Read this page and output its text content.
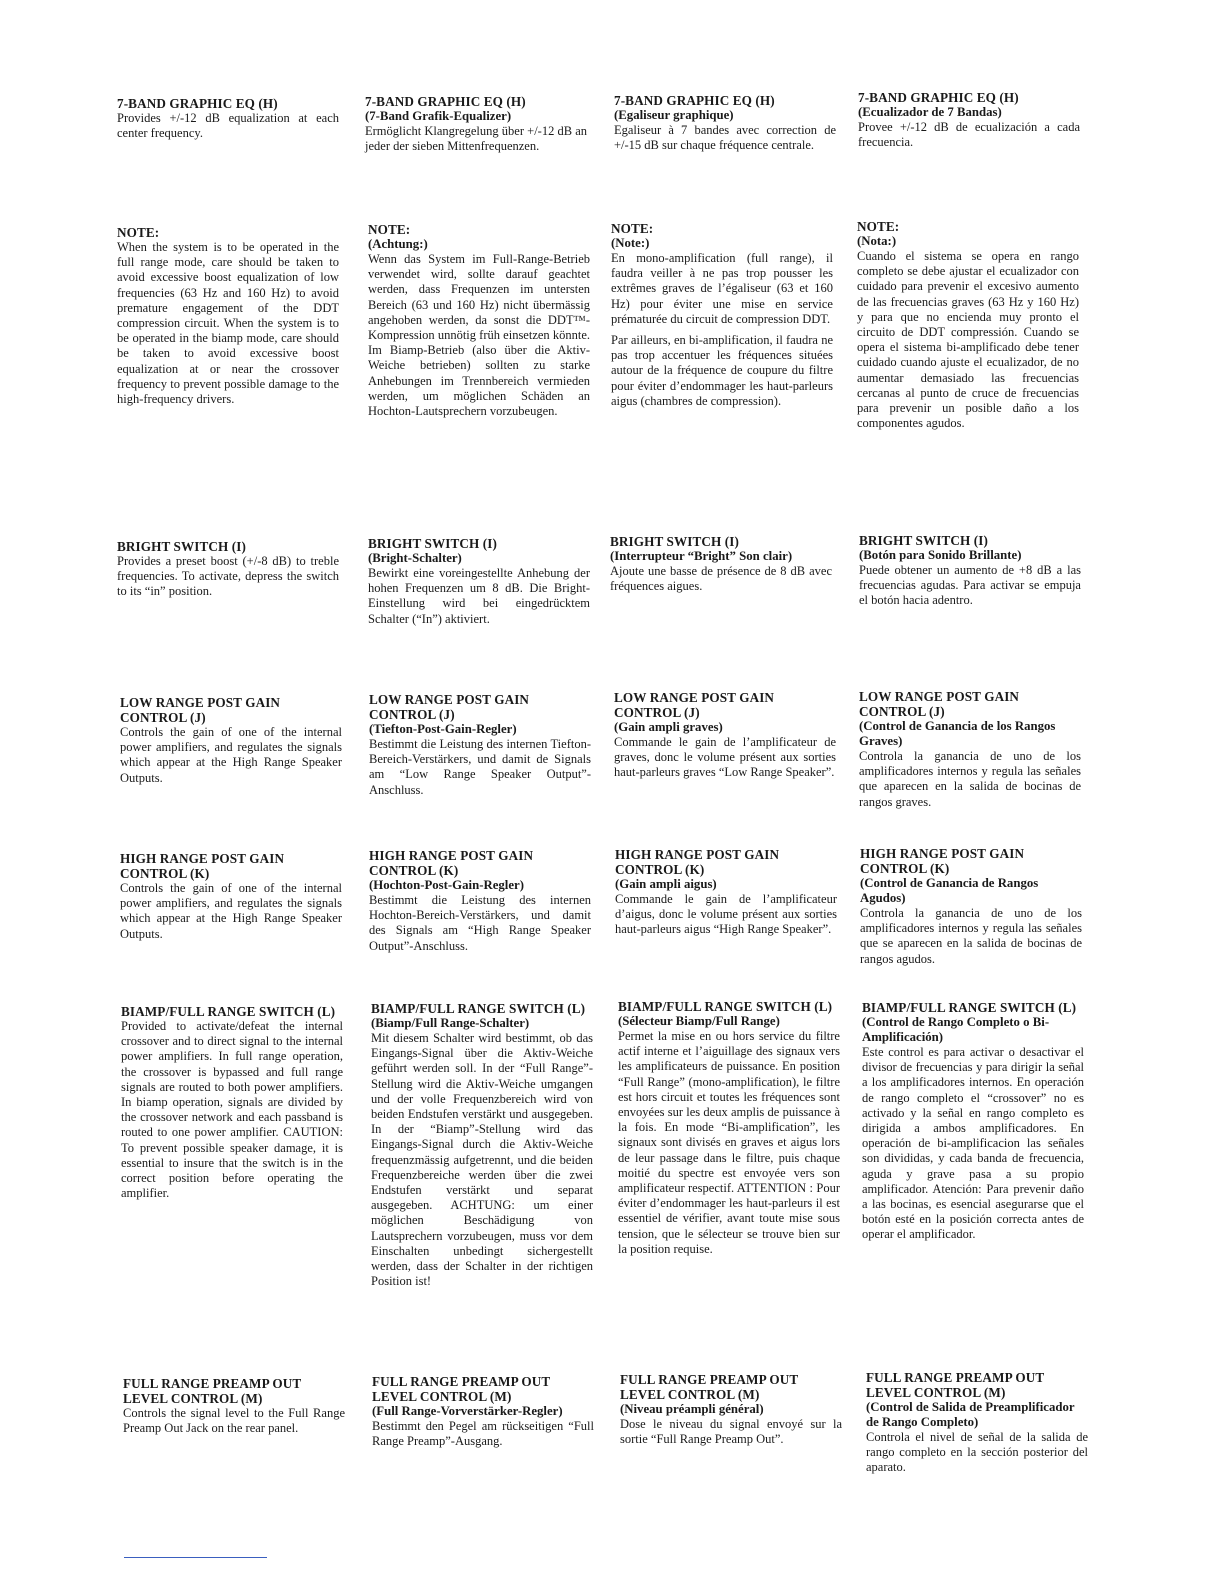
7-BAND GRAPHIC EQ (H)

Provides +/-12 dB equalization at each center frequency.

NOTE:

When the system is to be operated in the full range mode, care should be taken to avoid excessive boost equalization of low frequencies (63 Hz and 160 Hz) to avoid premature engagement of the DDT compression circuit. When the system is to be operated in the biamp mode, care should be taken to avoid excessive boost equalization at or near the crossover frequency to prevent possible damage to the high-frequency drivers.

BRIGHT SWITCH (I)

Provides a preset boost (+/-8 dB) to treble frequencies. To activate, depress the switch to its “in” position.

LOW RANGE POST GAIN CONTROL (J)

Controls the gain of one of the internal power amplifiers, and regulates the signals which appear at the High Range Speaker Outputs.

HIGH RANGE POST GAIN CONTROL (K)

Controls the gain of one of the internal power amplifiers, and regulates the signals which appear at the High Range Speaker Outputs.

BIAMP/FULL RANGE SWITCH (L)

Provided to activate/defeat the internal crossover and to direct signal to the internal power amplifiers. In full range operation, the crossover is bypassed and full range signals are routed to both power amplifiers. In biamp operation, signals are divided by the crossover network and each passband is routed to one power amplifier. CAUTION: To prevent possible speaker damage, it is essential to insure that the switch is in the correct position before operating the amplifier.

FULL RANGE PREAMP OUT LEVEL CONTROL (M)

Controls the signal level to the Full Range Preamp Out Jack on the rear panel.

7-BAND GRAPHIC EQ (H)

(7-Band Grafik-Equalizer)

Ermöglicht Klangregelung über +/-12 dB an jeder der sieben Mittenfrequenzen.

NOTE:

(Achtung:)

Wenn das System im Full-Range-Betrieb verwendet wird, sollte darauf geachtet werden, dass Frequenzen im untersten Bereich (63 und 160 Hz) nicht übermässig angehoben werden, da sonst die DDT™-Kompression unnötig früh einsetzen könnte. Im Biamp-Betrieb (also über die Aktiv-Weiche betrieben) sollten zu starke Anhebungen im Trennbereich vermieden werden, um möglichen Schäden an Hochton-Lautsprechern vorzubeugen.

BRIGHT SWITCH (I)

(Bright-Schalter)

Bewirkt eine voreingestellte Anhebung der hohen Frequenzen um 8 dB. Die Bright-Einstellung wird bei eingedrücktem Schalter (“In”) aktiviert.

LOW RANGE POST GAIN CONTROL (J)

(Tiefton-Post-Gain-Regler)

Bestimmt die Leistung des internen Tiefton-Bereich-Verstärkers, und damit de Signals am “Low Range Speaker Output”-Anschluss.

HIGH RANGE POST GAIN CONTROL (K)

(Hochton-Post-Gain-Regler)

Bestimmt die Leistung des internen Hochton-Bereich-Verstärkers, und damit des Signals am “High Range Speaker Output”-Anschluss.

BIAMP/FULL RANGE SWITCH (L)

(Biamp/Full Range-Schalter)

Mit diesem Schalter wird bestimmt, ob das Eingangs-Signal über die Aktiv-Weiche geführt werden soll. In der “Full Range”-Stellung wird die Aktiv-Weiche umgangen und der volle Frequenzbereich wird von beiden Endstufen verstärkt und ausgegeben. In der “Biamp”-Stellung wird das Eingangs-Signal durch die Aktiv-Weiche frequenzmässig aufgetrennt, und die beiden Frequenzbereiche werden über die zwei Endstufen verstärkt und separat ausgegeben. ACHTUNG: um einer möglichen Beschädigung von Lautsprechern vorzubeugen, muss vor dem Einschalten unbedingt sichergestellt werden, dass der Schalter in der richtigen Position ist!

FULL RANGE PREAMP OUT LEVEL CONTROL (M)

(Full Range-Vorverstärker-Regler)

Bestimmt den Pegel am rückseitigen “Full Range Preamp”-Ausgang.

7-BAND GRAPHIC EQ (H)

(Egaliseur graphique)

Egaliseur à 7 bandes avec correction de +/-15 dB sur chaque fréquence centrale.

NOTE:

(Note:)

En mono-amplification (full range), il faudra veiller à ne pas trop pousser les extrêmes graves de l’égaliseur (63 et 160 Hz) pour éviter une mise en service prématurée du circuit de compression DDT.

Par ailleurs, en bi-amplification, il faudra ne pas trop accentuer les fréquences situées autour de la fréquence de coupure du filtre pour éviter d’endommager les haut-parleurs aigus (chambres de compression).

BRIGHT SWITCH (I)

(Interrupteur “Bright” Son clair)

Ajoute une basse de présence de 8 dB avec fréquences aigues.

LOW RANGE POST GAIN CONTROL (J)

(Gain ampli graves)

Commande le gain de l’amplificateur de graves, donc le volume présent aux sorties haut-parleurs graves “Low Range Speaker”.

HIGH RANGE POST GAIN CONTROL (K)

(Gain ampli aigus)

Commande le gain de l’amplificateur d’aigus, donc le volume présent aux sorties haut-parleurs aigus “High Range Speaker”.

BIAMP/FULL RANGE SWITCH (L)

(Sélecteur Biamp/Full Range)

Permet la mise en ou hors service du filtre actif interne et l’aiguillage des signaux vers les amplificateurs de puissance. En position “Full Range” (mono-amplification), le filtre est hors circuit et toutes les fréquences sont envoyées sur les deux amplis de puissance à la fois. En mode “Bi-amplification”, les signaux sont divisés en graves et aigus lors de leur passage dans le filtre, puis chaque moitié du spectre est envoyée vers son amplificateur respectif. ATTENTION : Pour éviter d’endommager les haut-parleurs il est essentiel de vérifier, avant toute mise sous tension, que le sélecteur se trouve bien sur la position requise.

FULL RANGE PREAMP OUT LEVEL CONTROL (M)

(Niveau préampli général)

Dose le niveau du signal envoyé sur la sortie “Full Range Preamp Out”.

7-BAND GRAPHIC EQ (H)

(Ecualizador de 7 Bandas)

Provee +/-12 dB de ecualización a cada frecuencia.

NOTE:

(Nota:)

Cuando el sistema se opera en rango completo se debe ajustar el ecualizador con cuidado para prevenir el excesivo aumento de las frecuencias graves (63 Hz y 160 Hz) y para que no encienda muy pronto el circuito de DDT compressión. Cuando se opera el sistema bi-amplificado debe tener cuidado cuando ajuste el ecualizador, de no aumentar demasiado las frecuencias cercanas al punto de cruce de frecuencias para prevenir un posible daño a los componentes agudos.

BRIGHT SWITCH (I)

(Botón para Sonido Brillante)

Puede obtener un aumento de +8 dB a las frecuencias agudas. Para activar se empuja el botón hacia adentro.

LOW RANGE POST GAIN CONTROL (J)

(Control de Ganancia de los Rangos Graves)

Controla la ganancia de uno de los amplificadores internos y regula las señales que aparecen en la salida de bocinas de rangos graves.

HIGH RANGE POST GAIN CONTROL (K)

(Control de Ganancia de Rangos Agudos)

Controla la ganancia de uno de los amplificadores internos y regula las señales que se aparecen en la salida de bocinas de rangos agudos.

BIAMP/FULL RANGE SWITCH (L)

(Control de Rango Completo o Bi-Amplificación)

Este control es para activar o desactivar el divisor de frecuencias y para dirigir la señal a los amplificadores internos. En operación de rango completo el “crossover” no es activado y la señal en rango completo es dirigida a ambos amplificadores. En operación de bi-amplificacion las señales son divididas, y cada banda de frecuencia, aguda y grave pasa a su propio amplificador. Atención: Para prevenir daño a las bocinas, es esencial asegurarse que el botón esté en la posición correcta antes de operar el amplificador.

FULL RANGE PREAMP OUT LEVEL CONTROL (M)

(Control de Salida de Preamplificador de Rango Completo)

Controla el nivel de señal de la salida de rango completo en la sección posterior del aparato.
